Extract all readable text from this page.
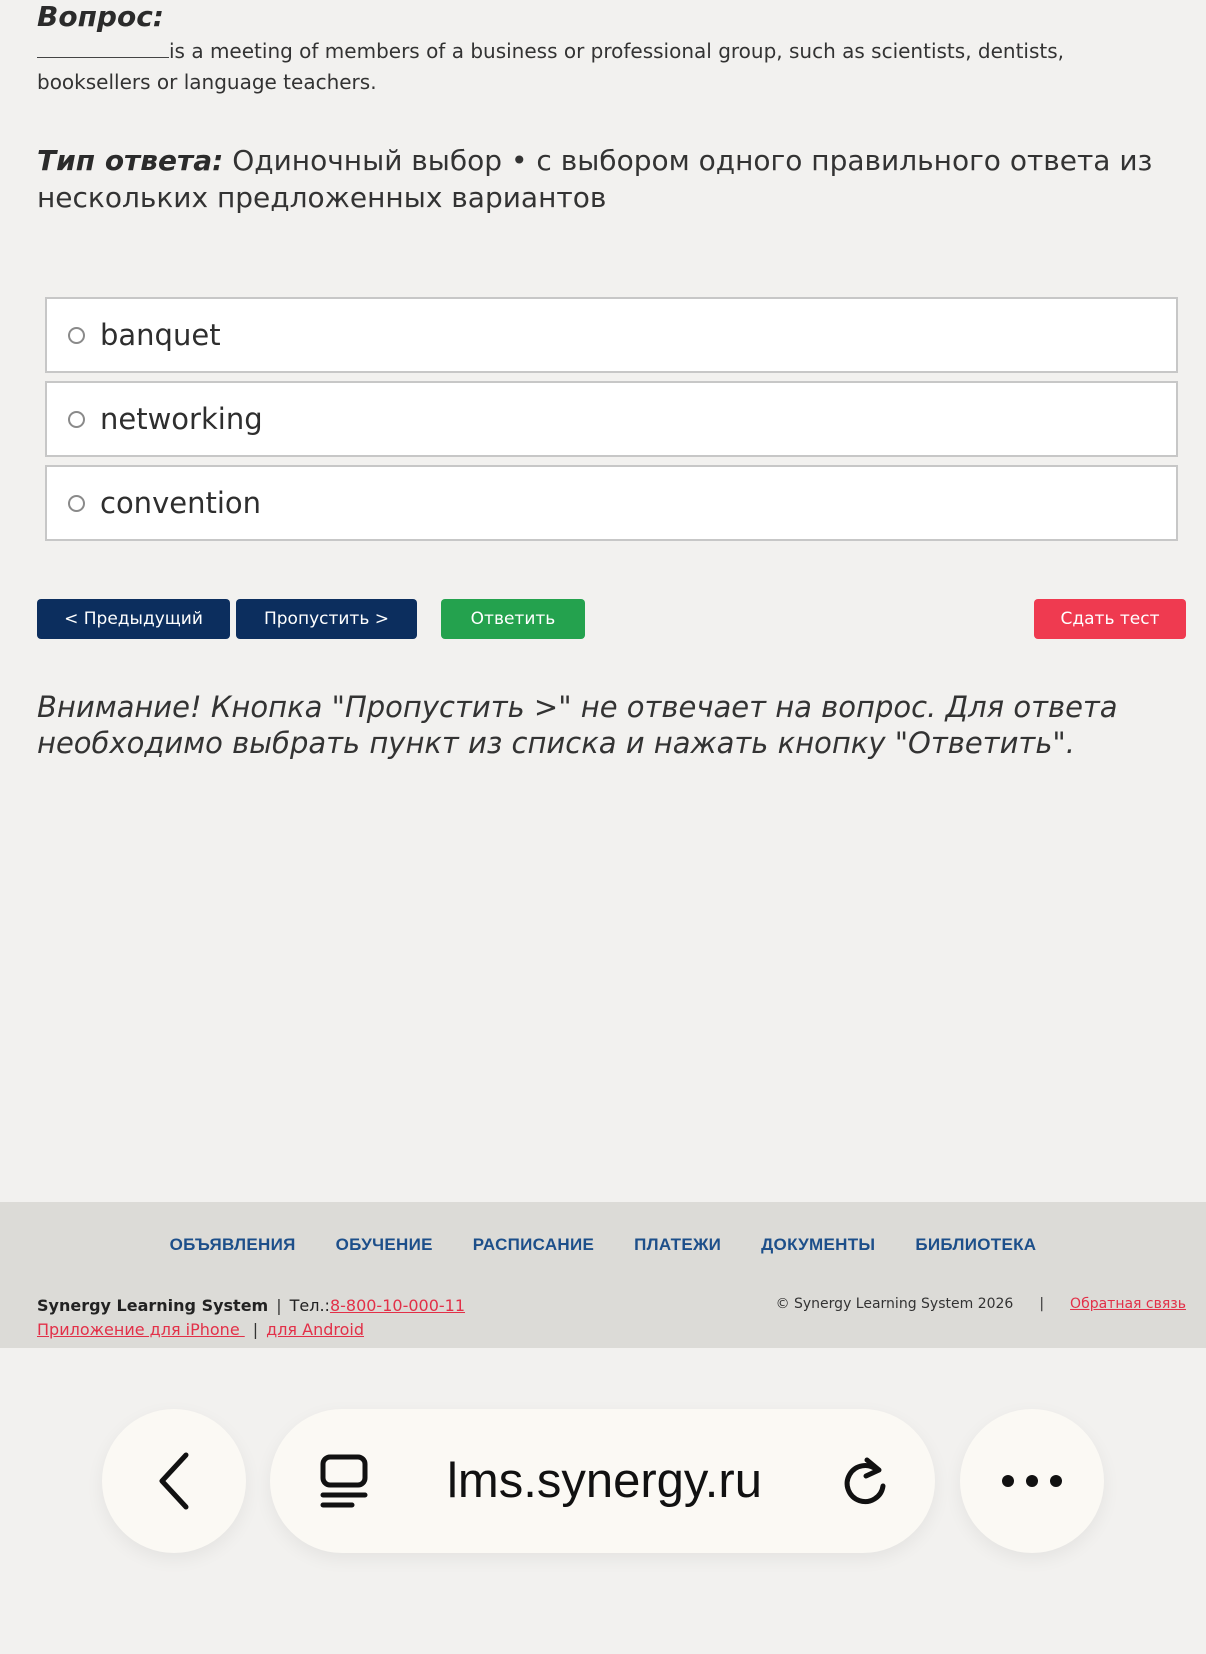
Вопрос:
is a meeting of members of a business or professional group, such as scientists, dentists, booksellers or language teachers.
Тип ответа: Одиночный выбор • с выбором одного правильного ответа из нескольких предложенных вариантов
banquet
networking
convention
< Предыдущий	Пропустить >	Ответить	Сдать тест
Внимание! Кнопка "Пропустить >" не отвечает на вопрос. Для ответа необходимо выбрать пункт из списка и нажать кнопку "Ответить".
ОБЪЯВЛЕНИЯ ОБУЧЕНИЕ РАСПИСАНИЕ ПЛАТЕЖИ ДОКУМЕНТЫ БИБЛИОТЕКА
Synergy Learning System | Тел.:8-800-10-000-11
Приложение для iPhone | для Android
© Synergy Learning System 2026 | Обратная связь
lms.synergy.ru
